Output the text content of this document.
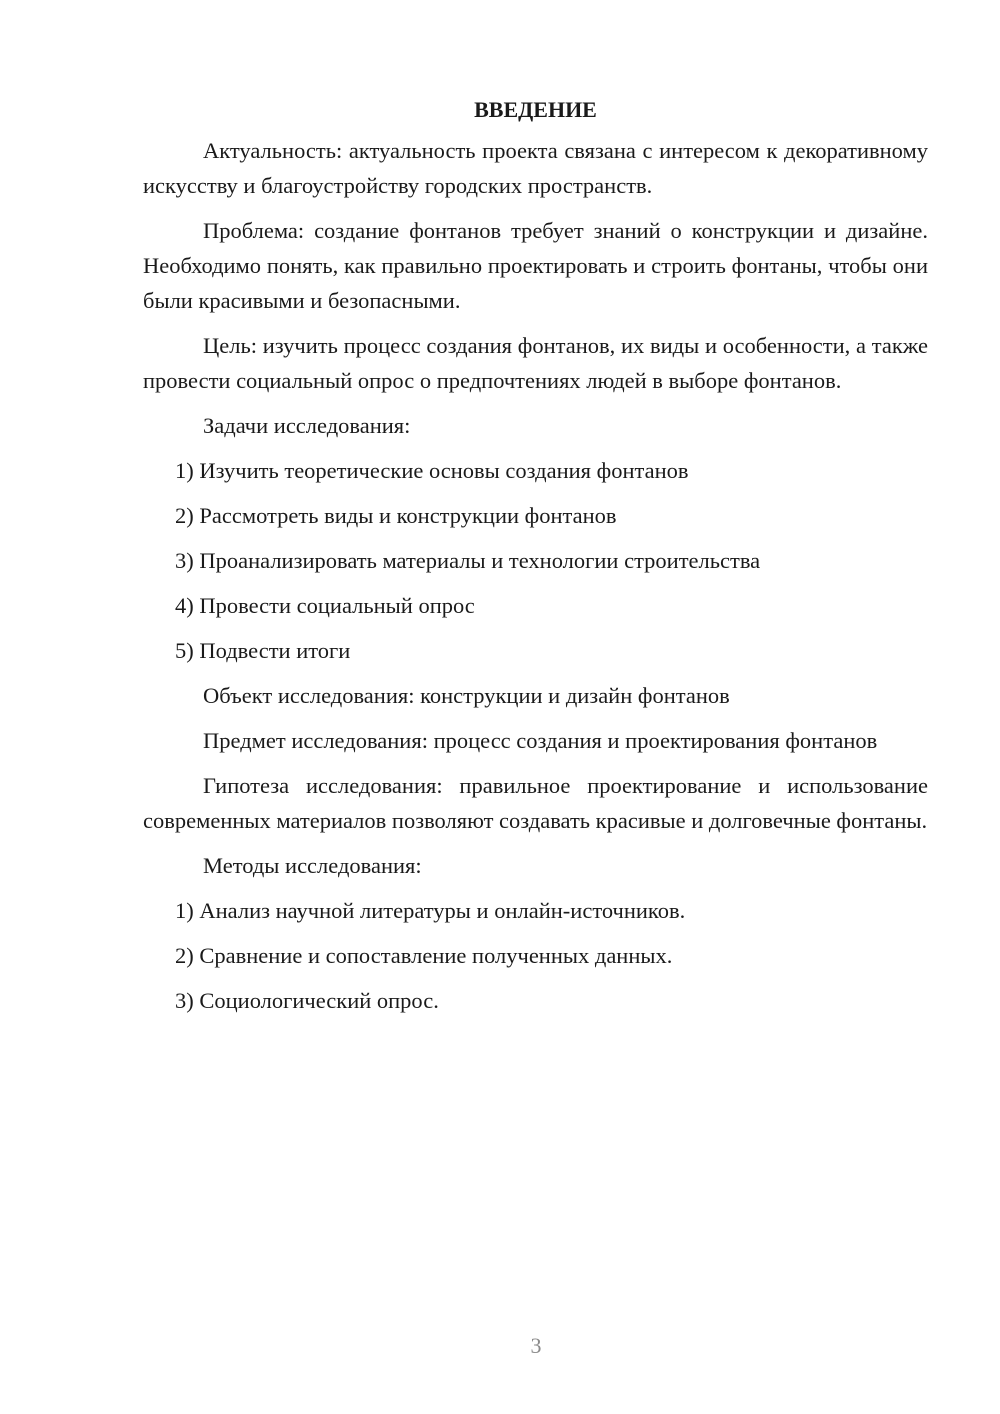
ВВЕДЕНИЕ

Актуальность: актуальность проекта связана с интересом к декоративному искусству и благоустройству городских пространств.

Проблема: создание фонтанов требует знаний о конструкции и дизайне. Необходимо понять, как правильно проектировать и строить фонтаны, чтобы они были красивыми и безопасными.

Цель: изучить процесс создания фонтанов, их виды и особенности, а также провести социальный опрос о предпочтениях людей в выборе фонтанов.

Задачи исследования:

1) Изучить теоретические основы создания фонтанов
2) Рассмотреть виды и конструкции фонтанов
3) Проанализировать материалы и технологии строительства
4) Провести социальный опрос
5) Подвести итоги

Объект исследования: конструкции и дизайн фонтанов

Предмет исследования: процесс создания и проектирования фонтанов

Гипотеза исследования: правильное проектирование и использование современных материалов позволяют создавать красивые и долговечные фонтаны.

Методы исследования:

1) Анализ научной литературы и онлайн-источников.
2) Сравнение и сопоставление полученных данных.
3) Социологический опрос.
3
